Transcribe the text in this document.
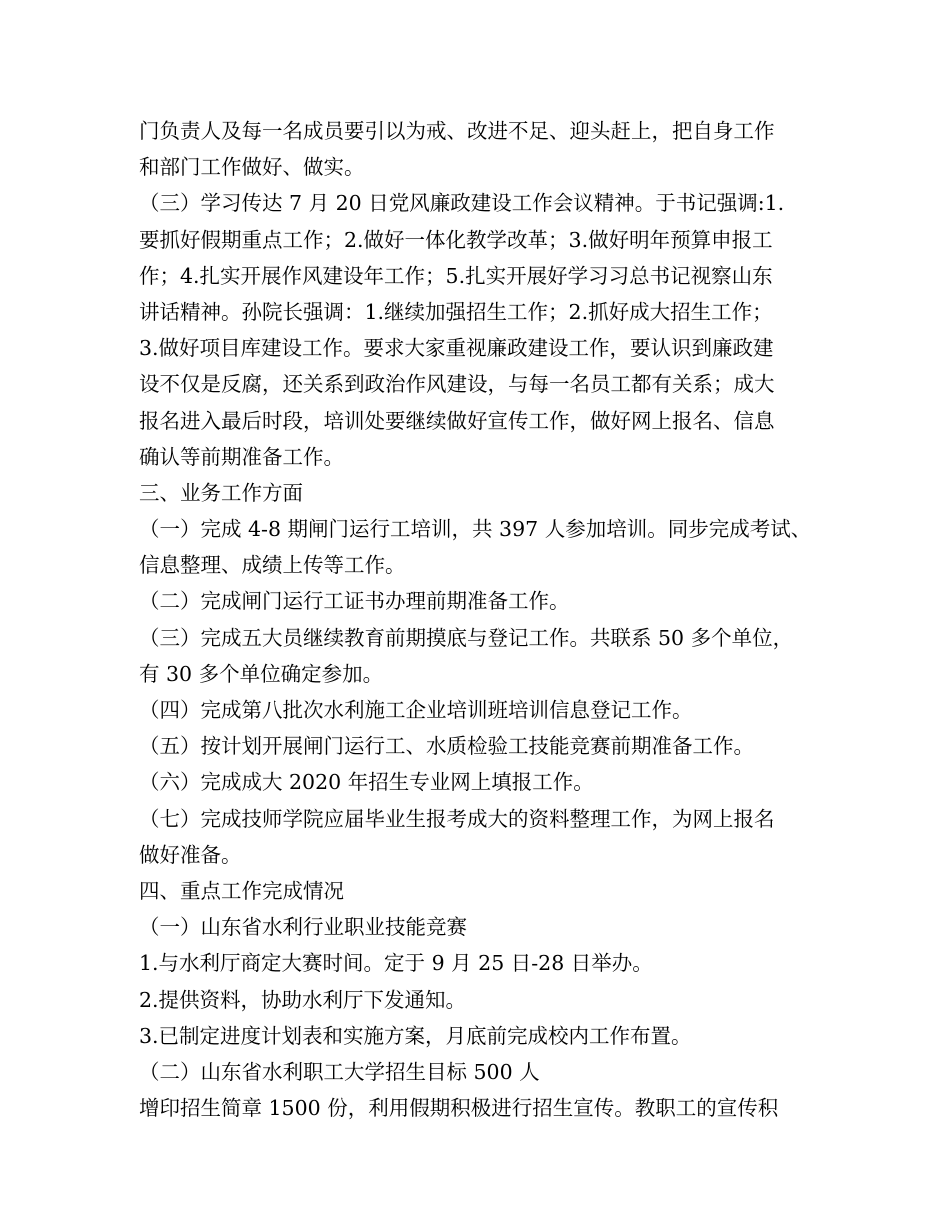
门负责人及每一名成员要引以为戒、改进不足、迎头赶上，把自身工作
和部门工作做好、做实。
（三）学习传达 7 月 20 日党风廉政建设工作会议精神。于书记强调:1.
要抓好假期重点工作；2.做好一体化教学改革；3.做好明年预算申报工
作；4.扎实开展作风建设年工作；5.扎实开展好学习习总书记视察山东
讲话精神。孙院长强调：1.继续加强招生工作；2.抓好成大招生工作；
3.做好项目库建设工作。要求大家重视廉政建设工作，要认识到廉政建
设不仅是反腐，还关系到政治作风建设，与每一名员工都有关系；成大
报名进入最后时段，培训处要继续做好宣传工作，做好网上报名、信息
确认等前期准备工作。
三、业务工作方面
（一）完成 4-8 期闸门运行工培训，共 397 人参加培训。同步完成考试、
信息整理、成绩上传等工作。
（二）完成闸门运行工证书办理前期准备工作。
（三）完成五大员继续教育前期摸底与登记工作。共联系 50 多个单位，
有 30 多个单位确定参加。
（四）完成第八批次水利施工企业培训班培训信息登记工作。
（五）按计划开展闸门运行工、水质检验工技能竞赛前期准备工作。
（六）完成成大 2020 年招生专业网上填报工作。
（七）完成技师学院应届毕业生报考成大的资料整理工作，为网上报名
做好准备。
四、重点工作完成情况
（一）山东省水利行业职业技能竞赛
1.与水利厅商定大赛时间。定于 9 月 25 日-28 日举办。
2.提供资料，协助水利厅下发通知。
3.已制定进度计划表和实施方案，月底前完成校内工作布置。
（二）山东省水利职工大学招生目标 500 人
增印招生简章 1500 份，利用假期积极进行招生宣传。教职工的宣传积
